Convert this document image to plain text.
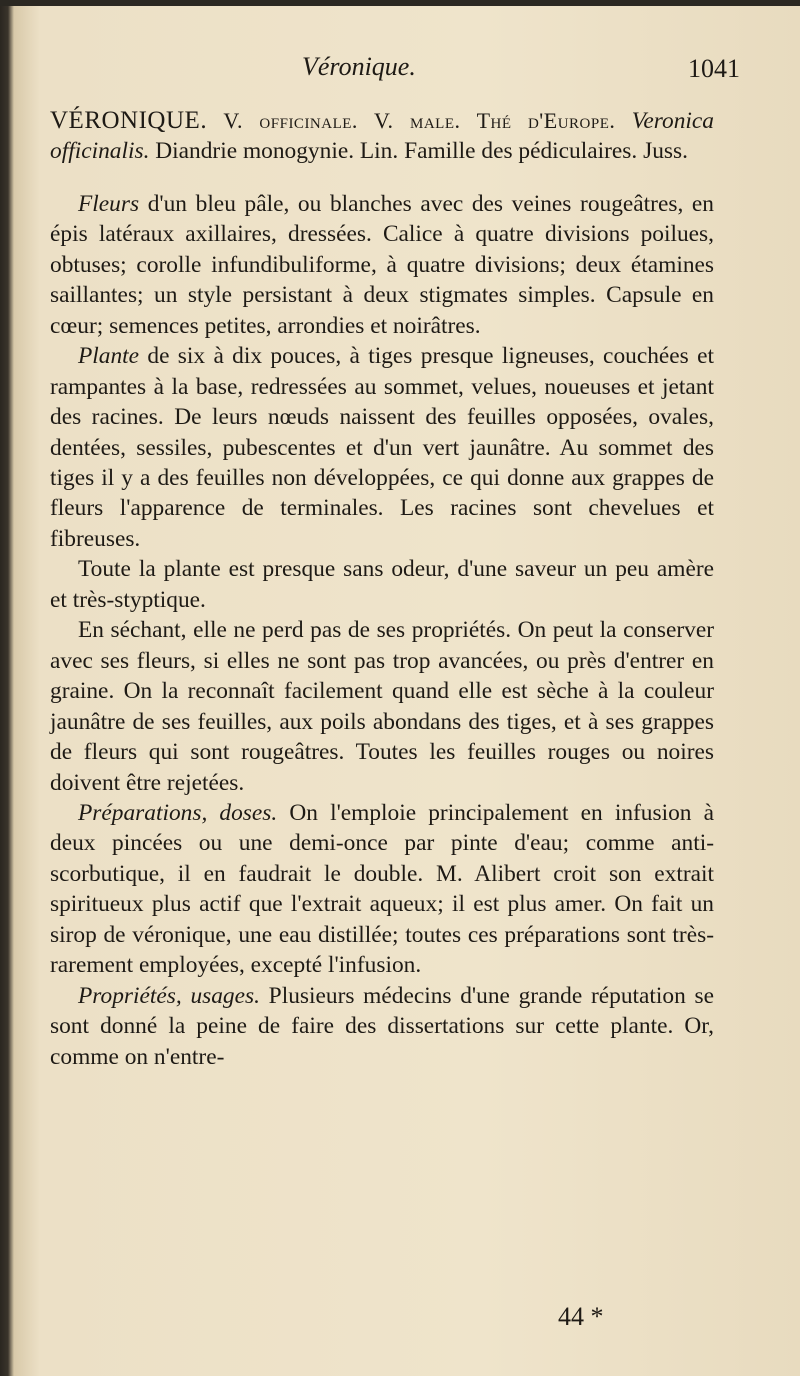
Véronique.	1041

VÉRONIQUE. V. officinale. V. male. Thé d'Europe. Veronica officinalis. Diandrie monogynie. Lin. Famille des pédiculaires. Juss.

Fleurs d'un bleu pâle, ou blanches avec des veines rougeâtres, en épis latéraux axillaires, dressées. Calice à quatre divisions poilues, obtuses; corolle infundibuliforme, à quatre divisions; deux étamines saillantes; un style persistant à deux stigmates simples. Capsule en cœur; semences petites, arrondies et noirâtres.

Plante de six à dix pouces, à tiges presque ligneuses, couchées et rampantes à la base, redressées au sommet, velues, noueuses et jetant des racines. De leurs nœuds naissent des feuilles opposées, ovales, dentées, sessiles, pubescentes et d'un vert jaunâtre. Au sommet des tiges il y a des feuilles non développées, ce qui donne aux grappes de fleurs l'apparence de terminales. Les racines sont chevelues et fibreuses.

Toute la plante est presque sans odeur, d'une saveur un peu amère et très-styptique.

En séchant, elle ne perd pas de ses propriétés. On peut la conserver avec ses fleurs, si elles ne sont pas trop avancées, ou près d'entrer en graine. On la reconnaît facilement quand elle est sèche à la couleur jaunâtre de ses feuilles, aux poils abondans des tiges, et à ses grappes de fleurs qui sont rougeâtres. Toutes les feuilles rouges ou noires doivent être rejetées.

Préparations, doses. On l'emploie principalement en infusion à deux pincées ou une demi-once par pinte d'eau; comme anti-scorbutique, il en faudrait le double. M. Alibert croit son extrait spiritueux plus actif que l'extrait aqueux; il est plus amer. On fait un sirop de véronique, une eau distillée; toutes ces préparations sont très-rarement employées, excepté l'infusion.

Propriétés, usages. Plusieurs médecins d'une grande réputation se sont donné la peine de faire des dissertations sur cette plante. Or, comme on n'entre-

44 *
